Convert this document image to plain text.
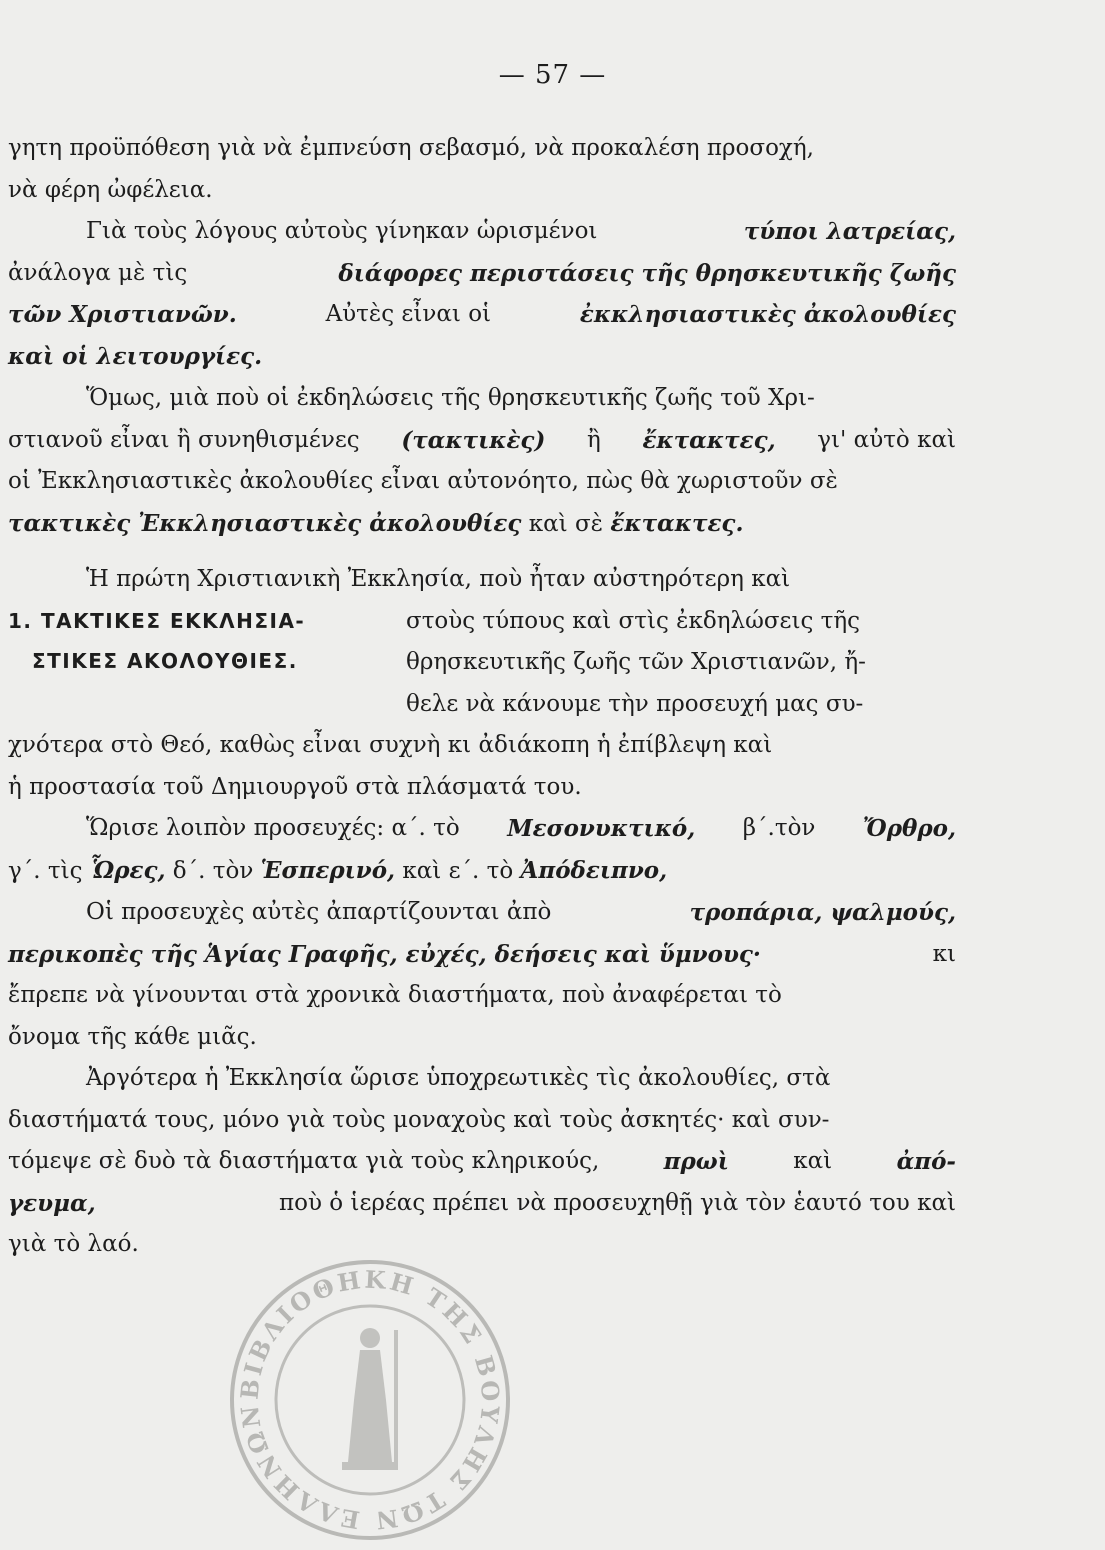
— 57 —
γητη προϋπόθεση γιὰ νὰ ἐμπνεύση σεβασμό, νὰ προκαλέση προσοχή,
νὰ φέρη ὠφέλεια.
Γιὰ τοὺς λόγους αὐτοὺς γίνηκαν ὡρισμένοι	τύποι λατρείας,
ἀνάλογα μὲ τὶς	διάφορες περιστάσεις τῆς θρησκευτικῆς ζωῆς
τῶν Χριστιανῶν.	Αὐτὲς εἶναι οἱ	ἐκκλησιαστικὲς ἀκολουθίες
καὶ οἱ λειτουργίες.
Ὅμως, μιὰ ποὺ οἱ ἐκδηλώσεις τῆς θρησκευτικῆς ζωῆς τοῦ Χρι-
στιανοῦ εἶναι ἢ συνηθισμένες (τακτικὲς) ἢ ἔκτακτες, γι' αὐτὸ καὶ
οἱ Ἐκκλησιαστικὲς ἀκολουθίες εἶναι αὐτονόητο, πὼς θὰ χωριστοῦν σὲ
τακτικὲς Ἐκκλησιαστικὲς ἀκολουθίες καὶ σὲ ἔκτακτες.
1. ΤΑΚΤΙΚΕΣ ΕΚΚΛΗΣΙΑ-
ΣΤΙΚΕΣ ΑΚΟΛΟΥΘΙΕΣ.
Ἡ πρώτη Χριστιανικὴ Ἐκκλησία, ποὺ ἦταν αὐστηρότερη καὶ
στοὺς τύπους καὶ στὶς ἐκδηλώσεις τῆς
θρησκευτικῆς ζωῆς τῶν Χριστιανῶν, ἤ-
θελε νὰ κάνουμε τὴν προσευχή μας συ-
χνότερα στὸ Θεό, καθὼς εἶναι συχνὴ κι ἀδιάκοπη ἡ ἐπίβλεψη καὶ
ἡ προστασία τοῦ Δημιουργοῦ στὰ πλάσματά του.
Ὥρισε λοιπὸν προσευχές: α΄. τὸ Μεσονυκτικό, β΄.τὸν Ὄρθρο,
γ΄. τὶς Ὧρες, δ΄. τὸν Ἑσπερινό, καὶ ε΄. τὸ Ἀπόδειπνο,
Οἱ προσευχὲς αὐτὲς ἀπαρτίζουνται ἀπὸ	τροπάρια, ψαλμούς,
περικοπὲς τῆς Ἁγίας Γραφῆς, εὐχές, δεήσεις καὶ ὕμνους·	κι
ἔπρεπε νὰ γίνουνται στὰ χρονικὰ διαστήματα, ποὺ ἀναφέρεται τὸ
ὄνομα τῆς κάθε μιᾶς.
Ἀργότερα ἡ Ἐκκλησία ὥρισε ὑποχρεωτικὲς τὶς ἀκολουθίες, στὰ
διαστήματά τους, μόνο γιὰ τοὺς μοναχοὺς καὶ τοὺς ἀσκητές· καὶ συν-
τόμεψε σὲ δυὸ τὰ διαστήματα γιὰ τοὺς κληρικούς,	πρωὶ	καὶ	ἀπό-
γευμα,	ποὺ ὁ ἱερέας πρέπει νὰ προσευχηθῇ γιὰ τὸν ἑαυτό του καὶ
γιὰ τὸ λαό.
ΒΙΒΛΙΟΘΗΚΗ ΤΗΣ ΒΟΥΛΗΣ ΤΩΝ ΕΛΛΗΝΩΝ
